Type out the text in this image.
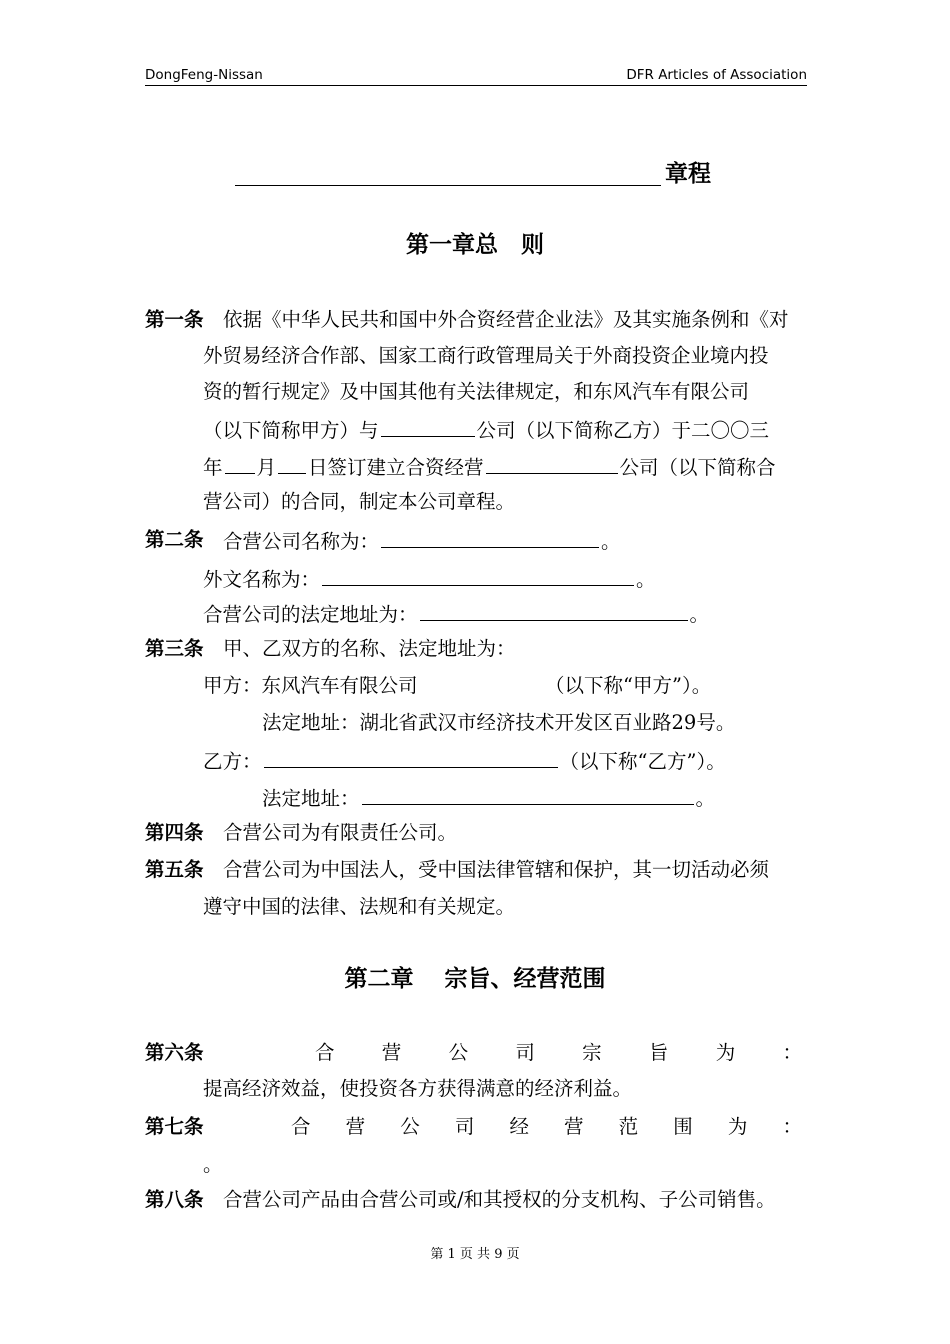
DongFeng-Nissan	DFR Articles of Association
章程
第一章总　则
第一条 依据《中华人民共和国中外合资经营企业法》及其实施条例和《对
外贸易经济合作部、国家工商行政管理局关于外商投资企业境内投
资的暂行规定》及中国其他有关法律规定，和东风汽车有限公司
（以下简称甲方）与	公司（以下简称乙方）于二〇〇三
年 月 日签订建立合资经营	公司（以下简称合
营公司）的合同，制定本公司章程。
第二条 合营公司名称为：	。
外文名称为：	。
合营公司的法定地址为：	。
第三条 甲、乙双方的名称、法定地址为：
甲方：东风汽车有限公司	（以下称“甲方”）。
法定地址：湖北省武汉市经济技术开发区百业路29号。
乙方：	（以下称“乙方”）。
法定地址：	。
第四条 合营公司为有限责任公司。
第五条 合营公司为中国法人，受中国法律管辖和保护，其一切活动必须
遵守中国的法律、法规和有关规定。
第二章　 宗旨、经营范围
第六条	合 营 公 司 宗 旨 为 ：
提高经济效益，使投资各方获得满意的经济利益。
第七条	合 营 公 司 经 营 范 围 为 ：
。
第八条 合营公司产品由合营公司或/和其授权的分支机构、子公司销售。
第 1 页 共 9 页
